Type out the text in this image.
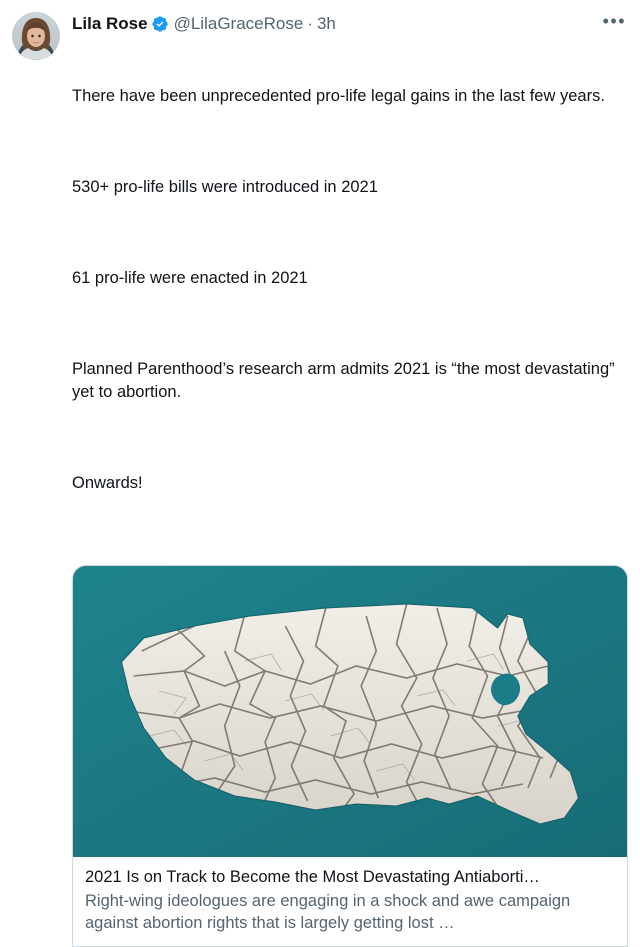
•••
Lila Rose @LilaGraceRose · 3h

There have been unprecedented pro-life legal gains in the last few years.

530+ pro-life bills were introduced in 2021

61 pro-life were enacted in 2021

Planned Parenthood’s research arm admits 2021 is “the most devastating” yet to abortion.

Onwards!

2021 Is on Track to Become the Most Devastating Antiaborti…
Right-wing ideologues are engaging in a shock and awe campaign against abortion rights that is largely getting lost …
